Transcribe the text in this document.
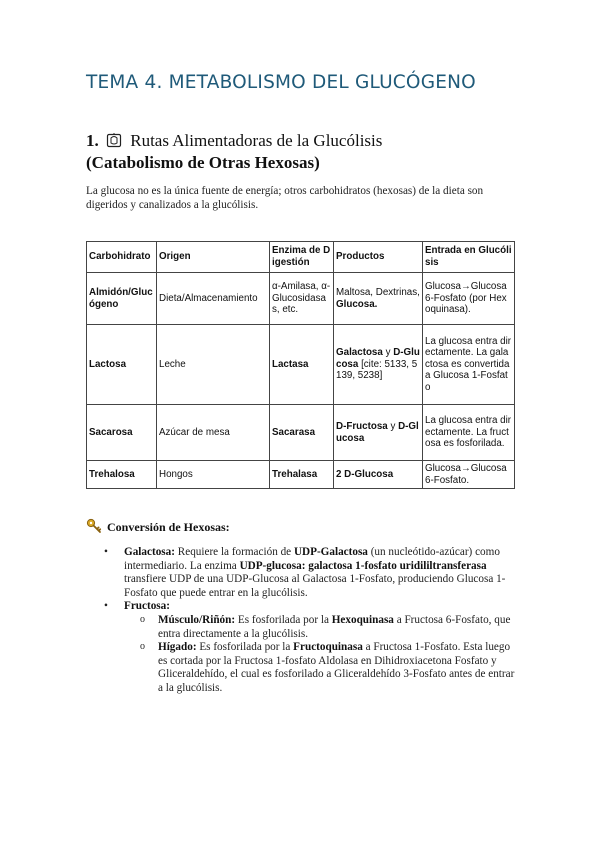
TEMA 4. METABOLISMO DEL GLUCÓGENO
1. Rutas Alimentadoras de la Glucólisis
(Catabolismo de Otras Hexosas)
La glucosa no es la única fuente de energía; otros carbohidratos (hexosas) de la dieta son digeridos y canalizados a la glucólisis.
Carbohidrato	Origen	Enzima de Digestión	Productos	Entrada en Glucólisis
Almidón/Glucógeno	Dieta/Almacenamiento	α-Amilasa, α-Glucosidasas, etc.	Maltosa, Dextrinas, Glucosa.	Glucosa→Glucosa 6-Fosfato (por Hexoquinasa).
Lactosa	Leche	Lactasa	Galactosa y D-Glucosa [cite: 5133, 5139, 5238]	La glucosa entra directamente. La galactosa es convertida a Glucosa 1-Fosfato
Sacarosa	Azúcar de mesa	Sacarasa	D-Fructosa y D-Glucosa	La glucosa entra directamente. La fructosa es fosforilada.
Trehalosa	Hongos	Trehalasa	2 D-Glucosa	Glucosa→Glucosa 6-Fosfato.
Conversión de Hexosas:
• Galactosa: Requiere la formación de UDP-Galactosa (un nucleótido-azúcar) como intermediario. La enzima UDP-glucosa: galactosa 1-fosfato uridililtransferasa transfiere UDP de una UDP-Glucosa al Galactosa 1-Fosfato, produciendo Glucosa 1-Fosfato que puede entrar en la glucólisis.
• Fructosa:
o Músculo/Riñón: Es fosforilada por la Hexoquinasa a Fructosa 6-Fosfato, que entra directamente a la glucólisis.
o Hígado: Es fosforilada por la Fructoquinasa a Fructosa 1-Fosfato. Esta luego es cortada por la Fructosa 1-fosfato Aldolasa en Dihidroxiacetona Fosfato y Gliceraldehído, el cual es fosforilado a Gliceraldehído 3-Fosfato antes de entrar a la glucólisis.
